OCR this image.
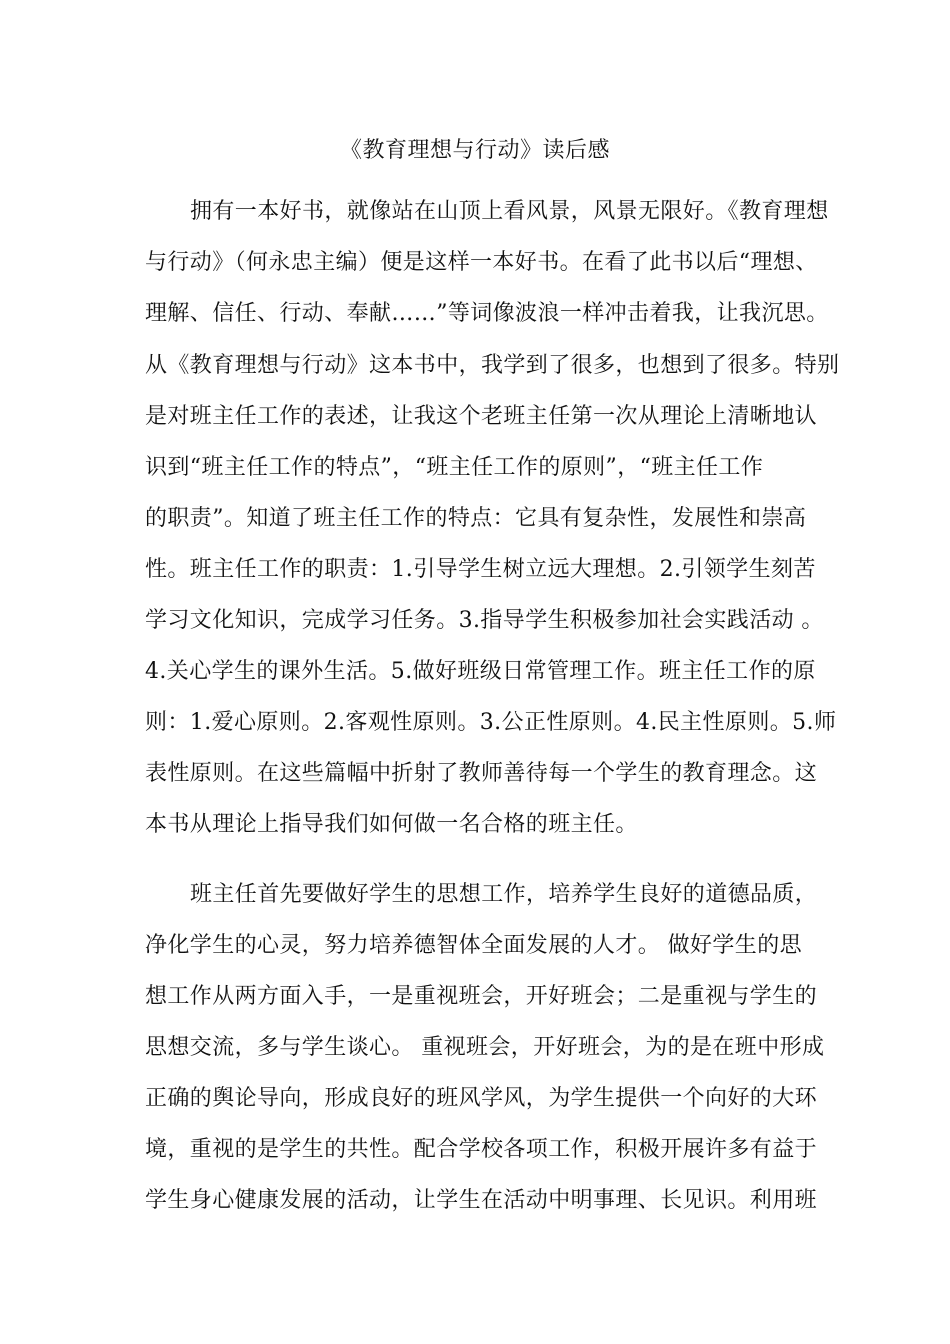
《教育理想与行动》读后感
拥有一本好书，就像站在山顶上看风景，风景无限好。《教育理想
与行动》（何永忠主编）便是这样一本好书。在看了此书以后“理想、
理解、信任、行动、奉献……”等词像波浪一样冲击着我，让我沉思。
从《教育理想与行动》这本书中，我学到了很多，也想到了很多。特别
是对班主任工作的表述，让我这个老班主任第一次从理论上清晰地认
识到“班主任工作的特点”，“班主任工作的原则”，“班主任工作
的职责”。知道了班主任工作的特点：它具有复杂性，发展性和崇高
性。班主任工作的职责：1.引导学生树立远大理想。2.引领学生刻苦
学习文化知识，完成学习任务。3.指导学生积极参加社会实践活动 。
4.关心学生的课外生活。5.做好班级日常管理工作。班主任工作的原
则：1.爱心原则。2.客观性原则。3.公正性原则。4.民主性原则。5.师
表性原则。在这些篇幅中折射了教师善待每一个学生的教育理念。这
本书从理论上指导我们如何做一名合格的班主任。
班主任首先要做好学生的思想工作，培养学生良好的道德品质，
净化学生的心灵，努力培养德智体全面发展的人才。 做好学生的思
想工作从两方面入手，一是重视班会，开好班会；二是重视与学生的
思想交流，多与学生谈心。 重视班会，开好班会，为的是在班中形成
正确的舆论导向，形成良好的班风学风，为学生提供一个向好的大环
境，重视的是学生的共性。配合学校各项工作，积极开展许多有益于
学生身心健康发展的活动，让学生在活动中明事理、长见识。利用班
